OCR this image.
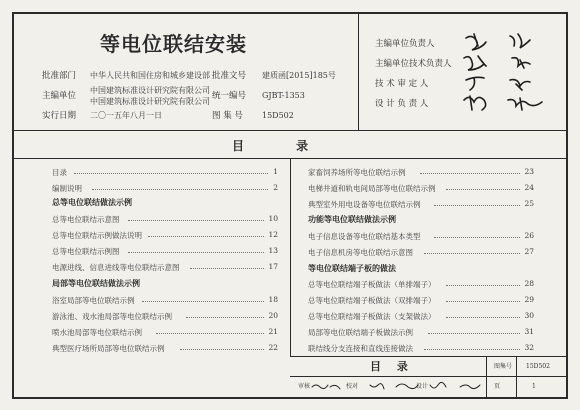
等电位联结安装
批准部门 中华人民共和国住房和城乡建设部
主编单位
中国建筑标准设计研究院有限公司
中国建筑标准设计研究院有限公司
实行日期 二〇一五年八月一日
批准文号 建质函[2015]185号
统一编号 GJBT-1353
图 集 号 15D502
主编单位负责人
主编单位技术负责人
技 术 审 定 人
设 计 负 责 人
目 录
目录	1
编制说明	2
总等电位联结做法示例
总等电位联结示意图	10
总等电位联结示例做法说明	12
总等电位联结示例图	13
电源进线、信息进线等电位联结示意图	17
局部等电位联结做法示例
浴室局部等电位联结示例	18
游泳池、戏水池局部等电位联结示例	20
喷水池局部等电位联结示例	21
典型医疗场所局部等电位联结示例	22
家畜饲养场所等电位联结示例	23
电梯井道和轨电间局部等电位联结示例	24
典型室外用电设备等电位联结示例	25
功能等电位联结做法示例
电子信息设备等电位联结基本类型	26
电子信息机房等电位联结示意图	27
等电位联结端子板的做法
总等电位联结端子板做法（单排端子）	28
总等电位联结端子板做法（双排端子）	29
总等电位联结端子板做法（支架做法）	30
局部等电位联结端子板做法示例	31
联结线分支连接和直线连接做法	32
目 录	图集号 15D502
审核	校对	设计	页	1
